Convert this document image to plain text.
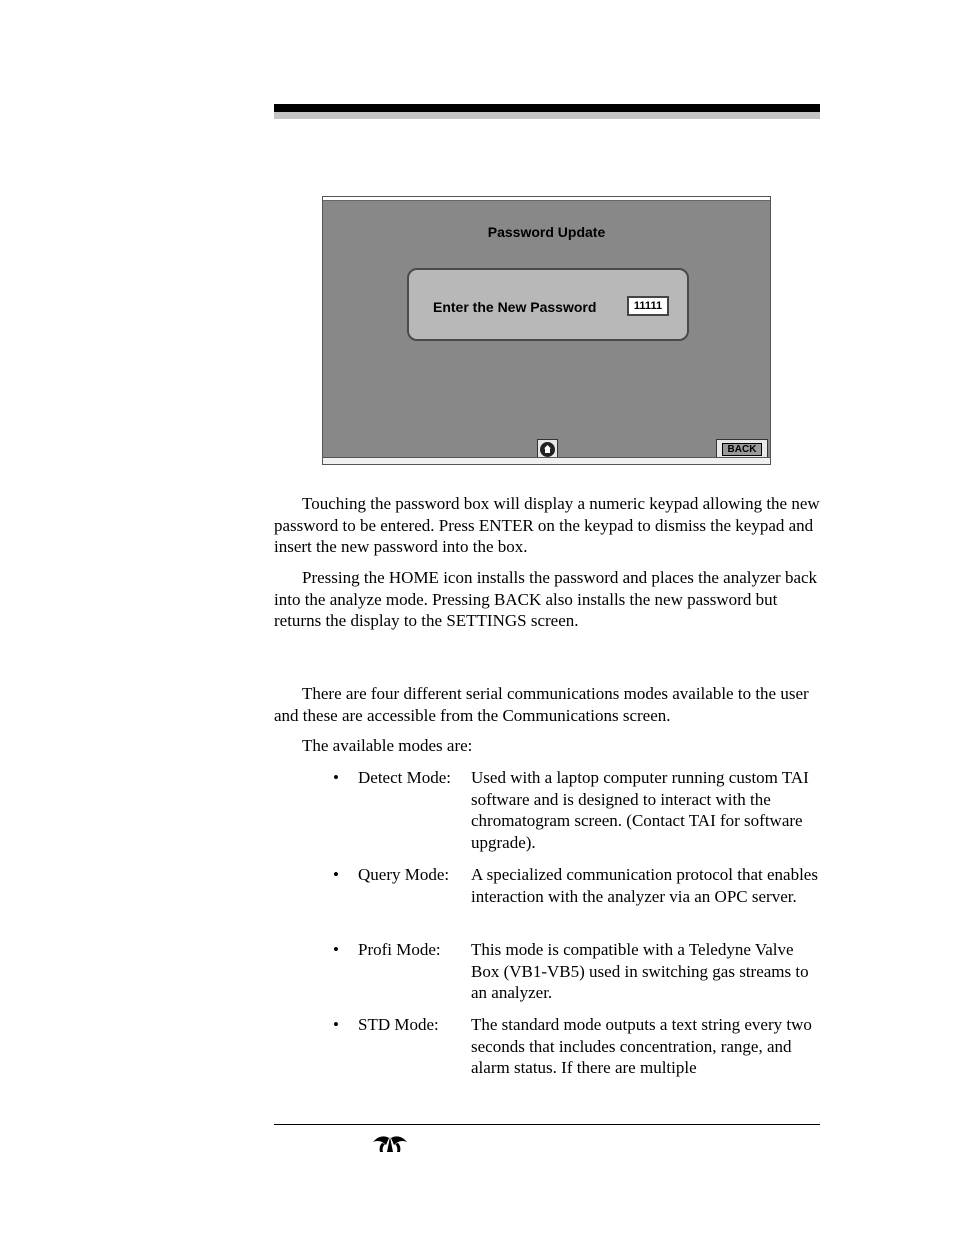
Password Update
Enter the New Password	11111
BACK

Touching the password box will display a numeric keypad allowing the new password to be entered. Press ENTER on the keypad to dismiss the keypad and insert the new password into the box.

Pressing the HOME icon installs the password and places the analyzer back into the analyze mode. Pressing BACK also installs the new password but returns the display to the SETTINGS screen.

There are four different serial communications modes available to the user and these are accessible from the Communications screen.

The available modes are:

• Detect Mode: Used with a laptop computer running custom TAI software and is designed to interact with the chromatogram screen. (Contact TAI for software upgrade).
• Query Mode: A specialized communication protocol that enables interaction with the analyzer via an OPC server.
• Profi Mode: This mode is compatible with a Teledyne Valve Box (VB1-VB5) used in switching gas streams to an analyzer.
• STD Mode: The standard mode outputs a text string every two seconds that includes concentration, range, and alarm status. If there are multiple
